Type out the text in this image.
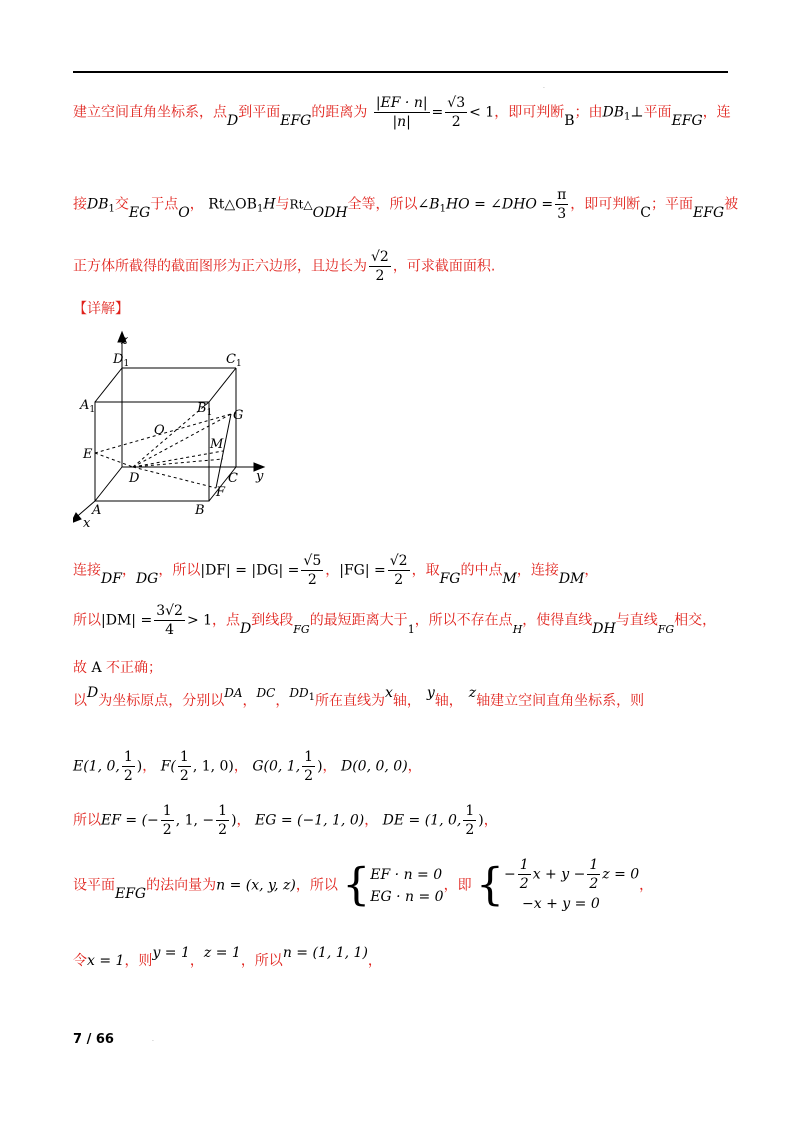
.
建立空间直角坐标系，点D到平面EFG的距离为 $\frac{|EF \cdot n|}{|n|} = \frac{√3}{2} < 1$，即可判断B；由$DB_1\perp$平面EFG，连
接$DB_1$交EG于点O， $Rt\triangle OB_1H$与Rt△ODH全等，所以$\angle B_1HO$ = ∠DHO = $\frac{\pi}{3}$ ，即可判断C；平面EFG被
正方体所截得的截面图形为正六边形，且边长为 $\frac{√2}{2}$ ，可求截面面积.
【详解】
z
$D_1$	$C_1$
$A_1$	$B_1$
O
G
M
E
D	C y
F
A	B
x
连接DF，DG，所以$|DF| = |DG| = \frac{√5}{2}$ ，$|FG| = \frac{√2}{2}$ ，取FG的中点M，连接DM，
所以$|DM| = \frac{3√2}{4} > 1$，点D到线段$_{FG}$的最短距离大于$_1$，所以不存在点$_H$，使得直线DH与直线$_{FG}$相交，
故 A 不正确；
以D为坐标原点，分别以DA，DC，$DD^1$所在直线为x轴， y轴， z轴建立空间直角坐标系，则
E(1, 0, $\frac{1}{2}$ )， $F( \frac{1}{2}$ , 1, 0)， G(0, 1, $\frac{1}{2}$ )， D(0, 0, 0)，
所以EF = (− $\frac{1}{2}$ , 1, − $\frac{1}{2}$ )， EG = (−1, 1, 0)， DE = (1, 0, $\frac{1}{2}$ )，
设平面EFG的法向量为n = (x, y, z)，所以 { EF · n = 0
EG · n = 0
，即 { − $\frac{1}{2}$ $x + y - \frac{1}{2}$ z = 0
−x + y = 0
，
令x = 1，则y = 1，z = 1，所以n = (1, 1, 1)，
7 / 66	.
